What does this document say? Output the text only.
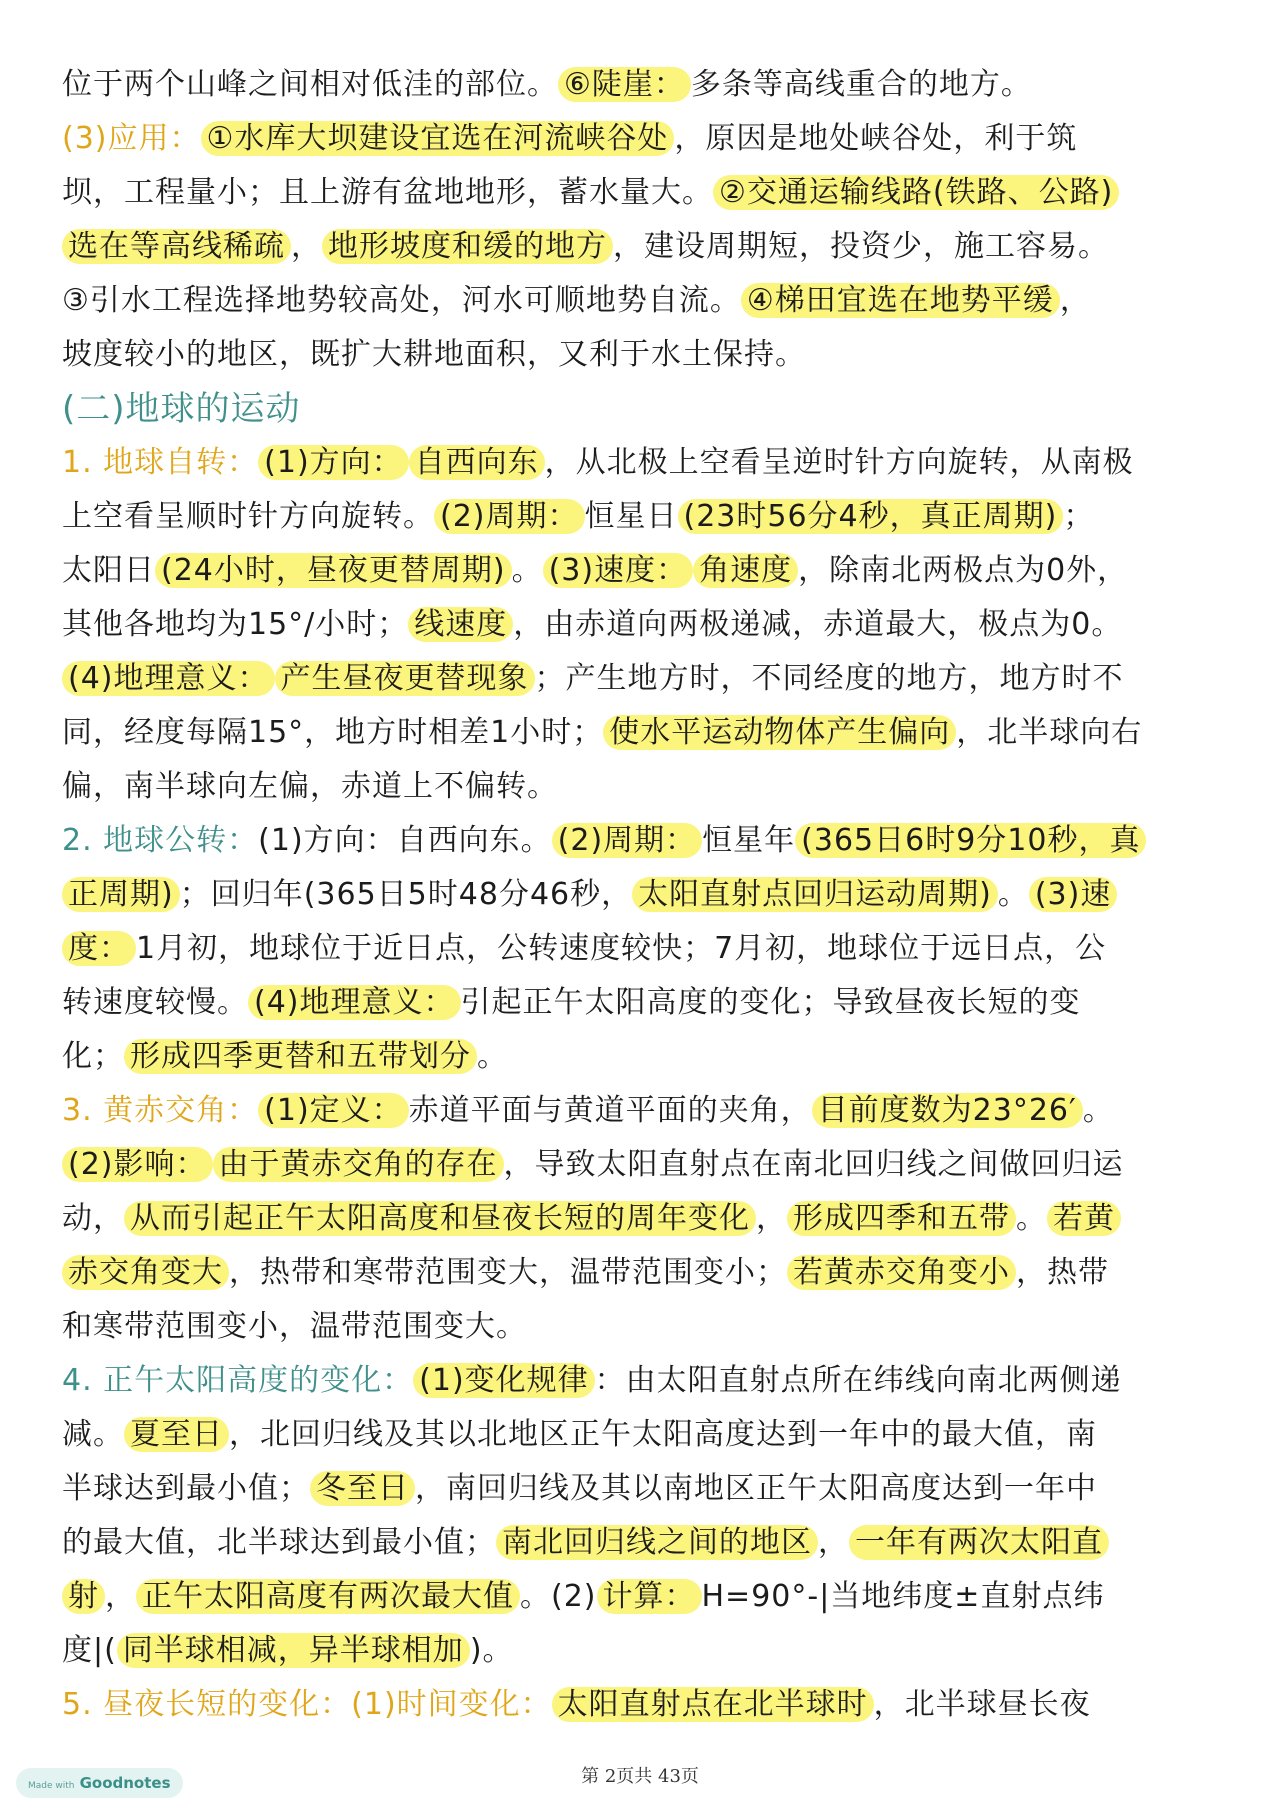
位于两个山峰之间相对低洼的部位。 ⑥陡崖： 多条等高线重合的地方。
(3)应用： ①水库大坝建设宜选在河流峡谷处 ，原因是地处峡谷处，利于筑
坝，工程量小；且上游有盆地地形，蓄水量大。 ②交通运输线路(铁路、公路)
选在等高线稀疏 ， 地形坡度和缓的地方 ，建设周期短，投资少，施工容易。
③引水工程选择地势较高处，河水可顺地势自流。 ④梯田宜选在地势平缓 ，
坡度较小的地区，既扩大耕地面积，又利于水土保持。
(二)地球的运动
1. 地球自转： (1)方向： 自西向东 ，从北极上空看呈逆时针方向旋转，从南极
上空看呈顺时针方向旋转。 (2)周期： 恒星日 (23时56分4秒，真正周期) ；
太阳日 (24小时，昼夜更替周期) 。 (3)速度： 角速度 ，除南北两极点为0外，
其他各地均为15°/小时； 线速度 ，由赤道向两极递减，赤道最大，极点为0。
(4)地理意义： 产生昼夜更替现象 ；产生地方时，不同经度的地方，地方时不
同，经度每隔15°，地方时相差1小时； 使水平运动物体产生偏向 ，北半球向右
偏，南半球向左偏，赤道上不偏转。
2. 地球公转：(1)方向：自西向东。 (2)周期： 恒星年 (365日6时9分10秒，真
正周期) ；回归年(365日5时48分46秒， 太阳直射点回归运动周期) 。 (3)速
度： 1月初，地球位于近日点，公转速度较快；7月初，地球位于远日点，公
转速度较慢。 (4)地理意义： 引起正午太阳高度的变化；导致昼夜长短的变
化； 形成四季更替和五带划分 。
3. 黄赤交角： (1)定义： 赤道平面与黄道平面的夹角， 目前度数为23°26′ 。
(2)影响： 由于黄赤交角的存在 ，导致太阳直射点在南北回归线之间做回归运
动， 从而引起正午太阳高度和昼夜长短的周年变化 ， 形成四季和五带 。 若黄
赤交角变大 ，热带和寒带范围变大，温带范围变小； 若黄赤交角变小 ，热带
和寒带范围变小，温带范围变大。
4. 正午太阳高度的变化： (1)变化规律 ：由太阳直射点所在纬线向南北两侧递
减。 夏至日 ，北回归线及其以北地区正午太阳高度达到一年中的最大值，南
半球达到最小值； 冬至日 ，南回归线及其以南地区正午太阳高度达到一年中
的最大值，北半球达到最小值； 南北回归线之间的地区 ， 一年有两次太阳直
射 ， 正午太阳高度有两次最大值 。(2) 计算： H=90°-|当地纬度±直射点纬
度|( 同半球相减，异半球相加 )。
5. 昼夜长短的变化：(1)时间变化： 太阳直射点在北半球时 ，北半球昼长夜
第 2页共 43页
Made with Goodnotes
